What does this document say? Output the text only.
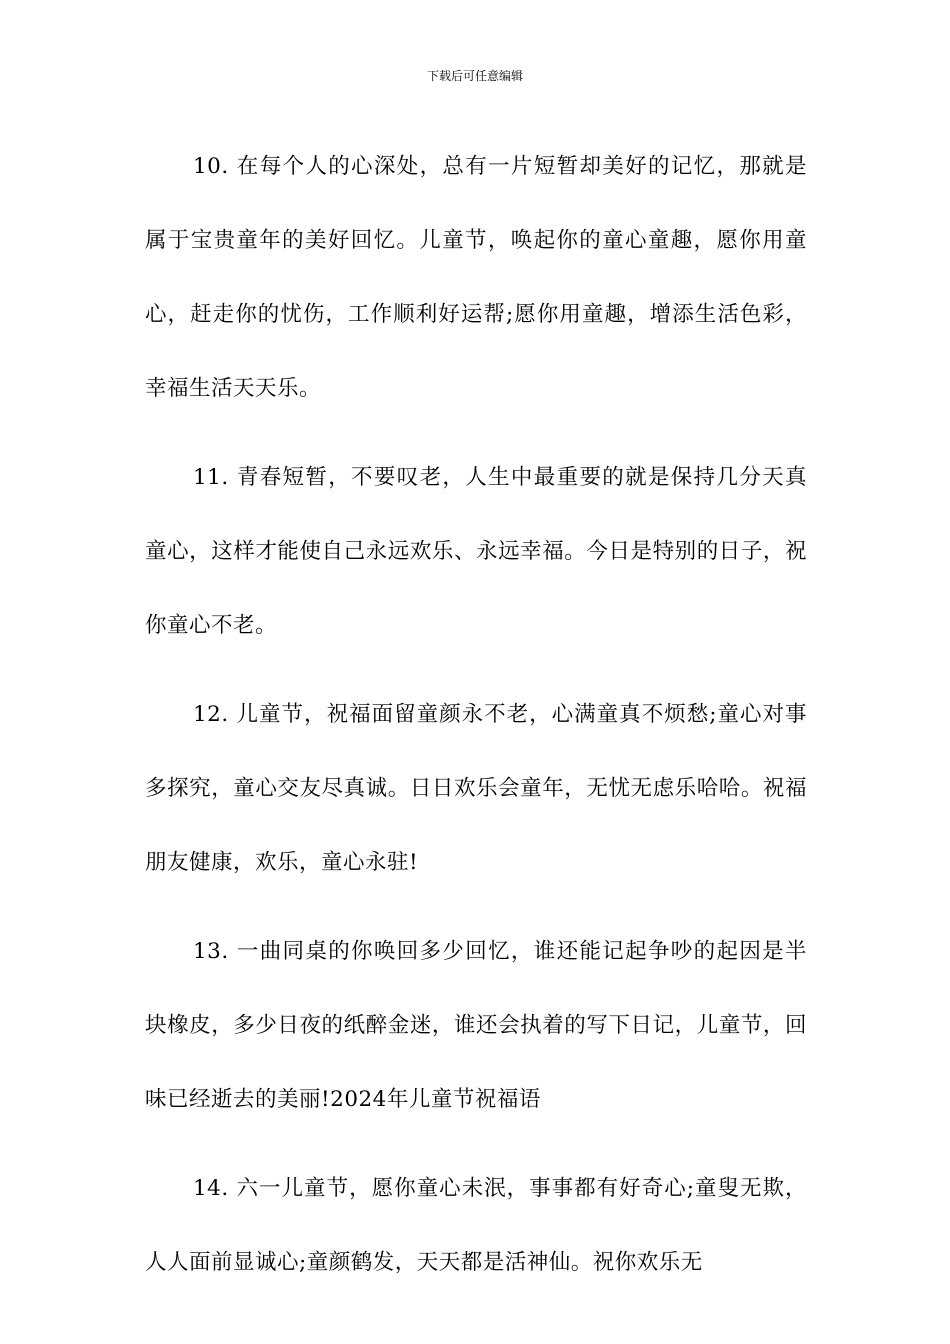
下载后可任意编辑

10. 在每个人的心深处，总有一片短暂却美好的记忆，那就是属于宝贵童年的美好回忆。儿童节，唤起你的童心童趣，愿你用童心，赶走你的忧伤，工作顺利好运帮;愿你用童趣，增添生活色彩，幸福生活天天乐。

11. 青春短暂，不要叹老，人生中最重要的就是保持几分天真童心，这样才能使自己永远欢乐、永远幸福。今日是特别的日子，祝你童心不老。

12. 儿童节，祝福面留童颜永不老，心满童真不烦愁;童心对事多探究，童心交友尽真诚。日日欢乐会童年，无忧无虑乐哈哈。祝福朋友健康，欢乐，童心永驻!

13. 一曲同桌的你唤回多少回忆，谁还能记起争吵的起因是半块橡皮，多少日夜的纸醉金迷，谁还会执着的写下日记，儿童节，回味已经逝去的美丽!2024年儿童节祝福语

14. 六一儿童节，愿你童心未泯，事事都有好奇心;童叟无欺，人人面前显诚心;童颜鹤发，天天都是活神仙。祝你欢乐无
